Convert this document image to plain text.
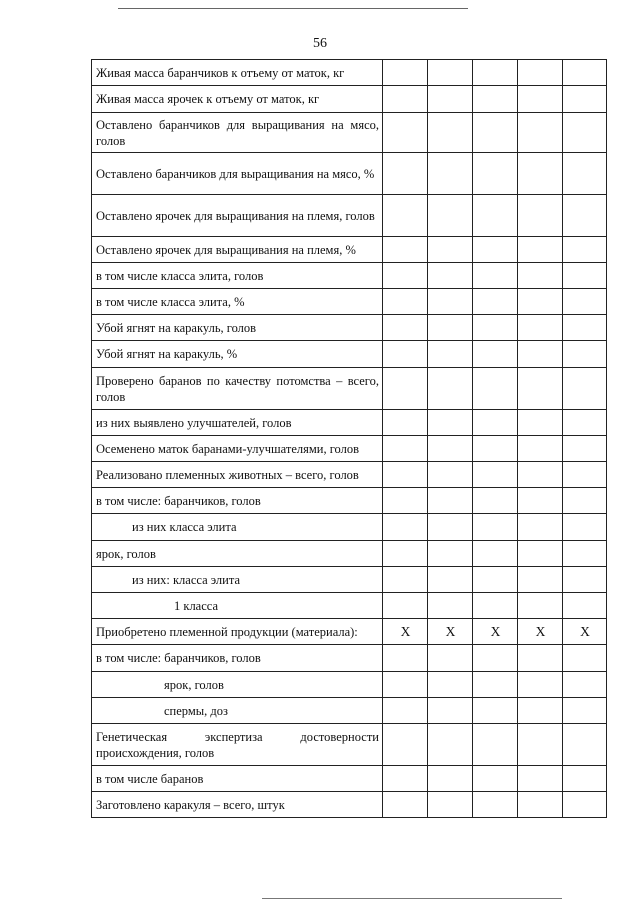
56
Живая масса баранчиков к отъему от маток, кг					
Живая масса ярочек к отъему от маток, кг					
Оставлено баранчиков для выращивания на мясо, голов					
Оставлено баранчиков для выращивания на мясо, %					
Оставлено ярочек для выращивания на племя, голов					
Оставлено ярочек для выращивания на племя, %					
в том числе класса элита, голов					
в том числе класса элита, %					
Убой ягнят на каракуль, голов					
Убой ягнят на каракуль, %					
Проверено баранов по качеству потомства – всего, голов					
из них выявлено улучшателей, голов					
Осеменено маток баранами-улучшателями, голов					
Реализовано племенных животных – всего, голов					
в том числе: баранчиков, голов					
из них класса элита					
ярок, голов					
из них: класса элита					
1 класса					
Приобретено племенной продукции (материала):	Х	Х	Х	Х	Х
в том числе: баранчиков, голов					
ярок, голов					
спермы, доз					
Генетическая экспертиза достоверности происхождения, голов					
в том числе баранов					
Заготовлено каракуля – всего, штук					
